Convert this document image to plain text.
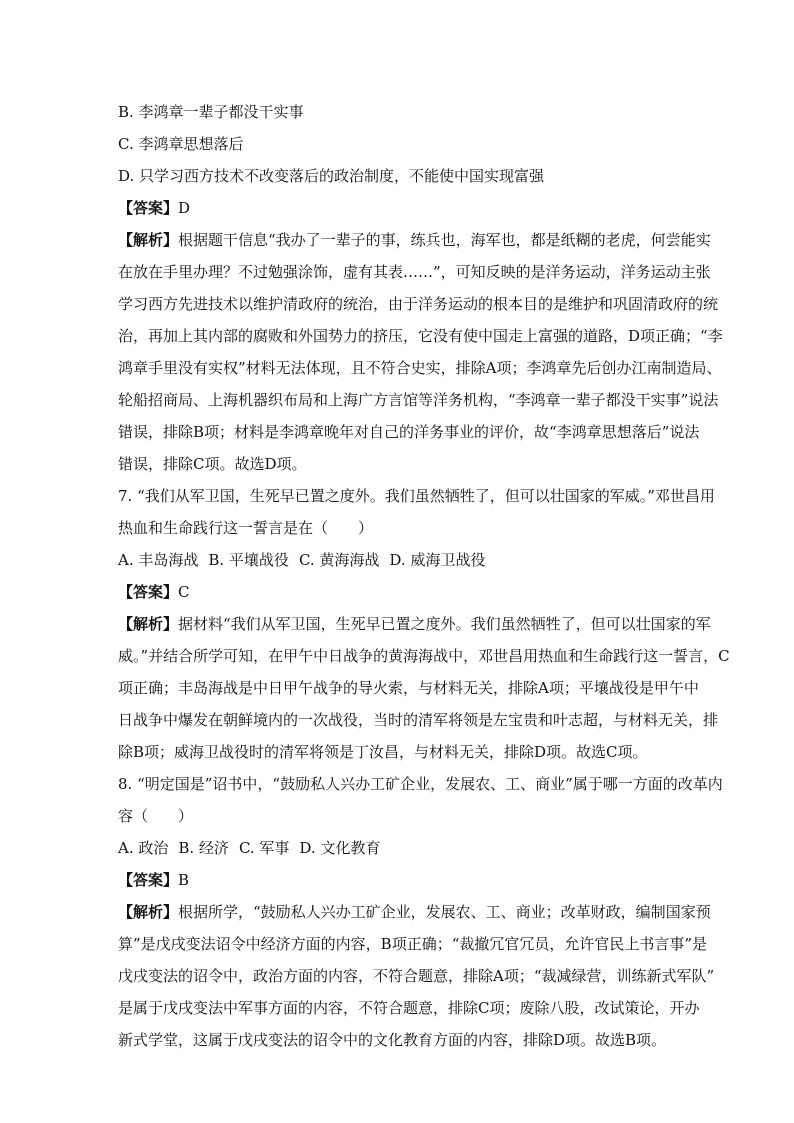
B. 李鸿章一辈子都没干实事
C. 李鸿章思想落后
D. 只学习西方技术不改变落后的政治制度，不能使中国实现富强
【答案】D
【解析】根据题干信息“我办了一辈子的事，练兵也，海军也，都是纸糊的老虎，何尝能实
在放在手里办理？不过勉强涂饰，虚有其表……”，可知反映的是洋务运动，洋务运动主张
学习西方先进技术以维护清政府的统治，由于洋务运动的根本目的是维护和巩固清政府的统
治，再加上其内部的腐败和外国势力的挤压，它没有使中国走上富强的道路，D项正确；“李
鸿章手里没有实权”材料无法体现，且不符合史实，排除A项；李鸿章先后创办江南制造局、
轮船招商局、上海机器织布局和上海广方言馆等洋务机构，“李鸿章一辈子都没干实事”说法
错误，排除B项；材料是李鸿章晚年对自己的洋务事业的评价，故“李鸿章思想落后”说法
错误，排除C项。故选D项。
7. “我们从军卫国，生死早已置之度外。我们虽然牺牲了，但可以壮国家的军威。”邓世昌用
热血和生命践行这一誓言是在（　　）
A. 丰岛海战 B. 平壤战役 C. 黄海海战 D. 威海卫战役
【答案】C
【解析】据材料“我们从军卫国，生死早已置之度外。我们虽然牺牲了，但可以壮国家的军
威。”并结合所学可知，在甲午中日战争的黄海海战中，邓世昌用热血和生命践行这一誓言，C
项正确；丰岛海战是中日甲午战争的导火索，与材料无关，排除A项；平壤战役是甲午中
日战争中爆发在朝鲜境内的一次战役，当时的清军将领是左宝贵和叶志超，与材料无关，排
除B项；威海卫战役时的清军将领是丁汝昌，与材料无关，排除D项。故选C项。
8. “明定国是”诏书中，“鼓励私人兴办工矿企业，发展农、工、商业”属于哪一方面的改革内
容（　　）
A. 政治 B. 经济 C. 军事 D. 文化教育
【答案】B
【解析】根据所学，“鼓励私人兴办工矿企业，发展农、工、商业；改革财政，编制国家预
算”是戊戌变法诏令中经济方面的内容，B项正确；“裁撤冗官冗员，允许官民上书言事”是
戊戌变法的诏令中，政治方面的内容，不符合题意，排除A项；“裁减绿营，训练新式军队”
是属于戊戌变法中军事方面的内容，不符合题意，排除C项；废除八股，改试策论，开办
新式学堂，这属于戊戌变法的诏令中的文化教育方面的内容，排除D项。故选B项。
